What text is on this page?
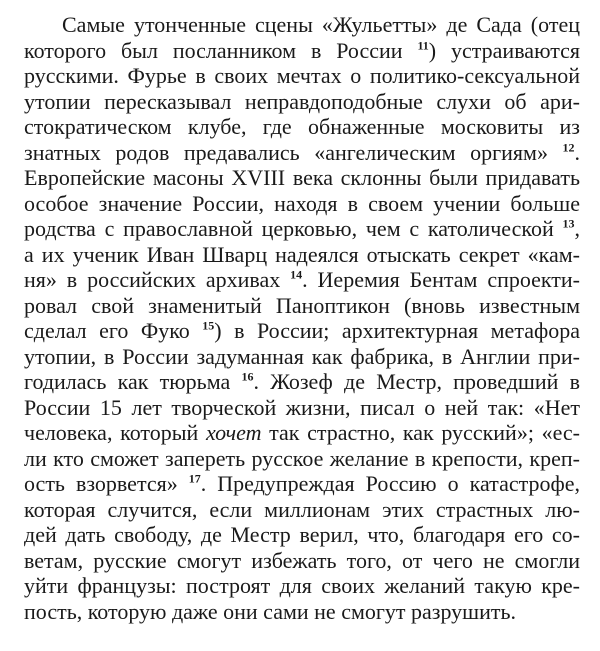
Самые утонченные сцены «Жульетты» де Сада (отец
которого был посланником в России $^{11}$) устраиваются
русскими. Фурье в своих мечтах о политико-сексуальной
утопии пересказывал неправдоподобные слухи об ари-
стократическом клубе, где обнаженные московиты из
знатных родов предавались «ангелическим оргиям» $^{12}$.
Европейские масоны XVIII века склонны были придавать
особое значение России, находя в своем учении больше
родства с православной церковью, чем с католической $^{13}$,
а их ученик Иван Шварц надеялся отыскать секрет «кам-
ня» в российских архивах $^{14}$. Иеремия Бентам спроекти-
ровал свой знаменитый Паноптикон (вновь известным
сделал его Фуко $^{15}$) в России; архитектурная метафора
утопии, в России задуманная как фабрика, в Англии при-
годилась как тюрьма $^{16}$. Жозеф де Местр, проведший в
России 15 лет творческой жизни, писал о ней так: «Нет
человека, который хочет так страстно, как русский»; «ес-
ли кто сможет запереть русское желание в крепости, креп-
ость взорвется» $^{17}$. Предупреждая Россию о катастрофе,
которая случится, если миллионам этих страстных лю-
дей дать свободу, де Местр верил, что, благодаря его со-
ветам, русские смогут избежать того, от чего не смогли
уйти французы: построят для своих желаний такую кре-
пость, которую даже они сами не смогут разрушить.
